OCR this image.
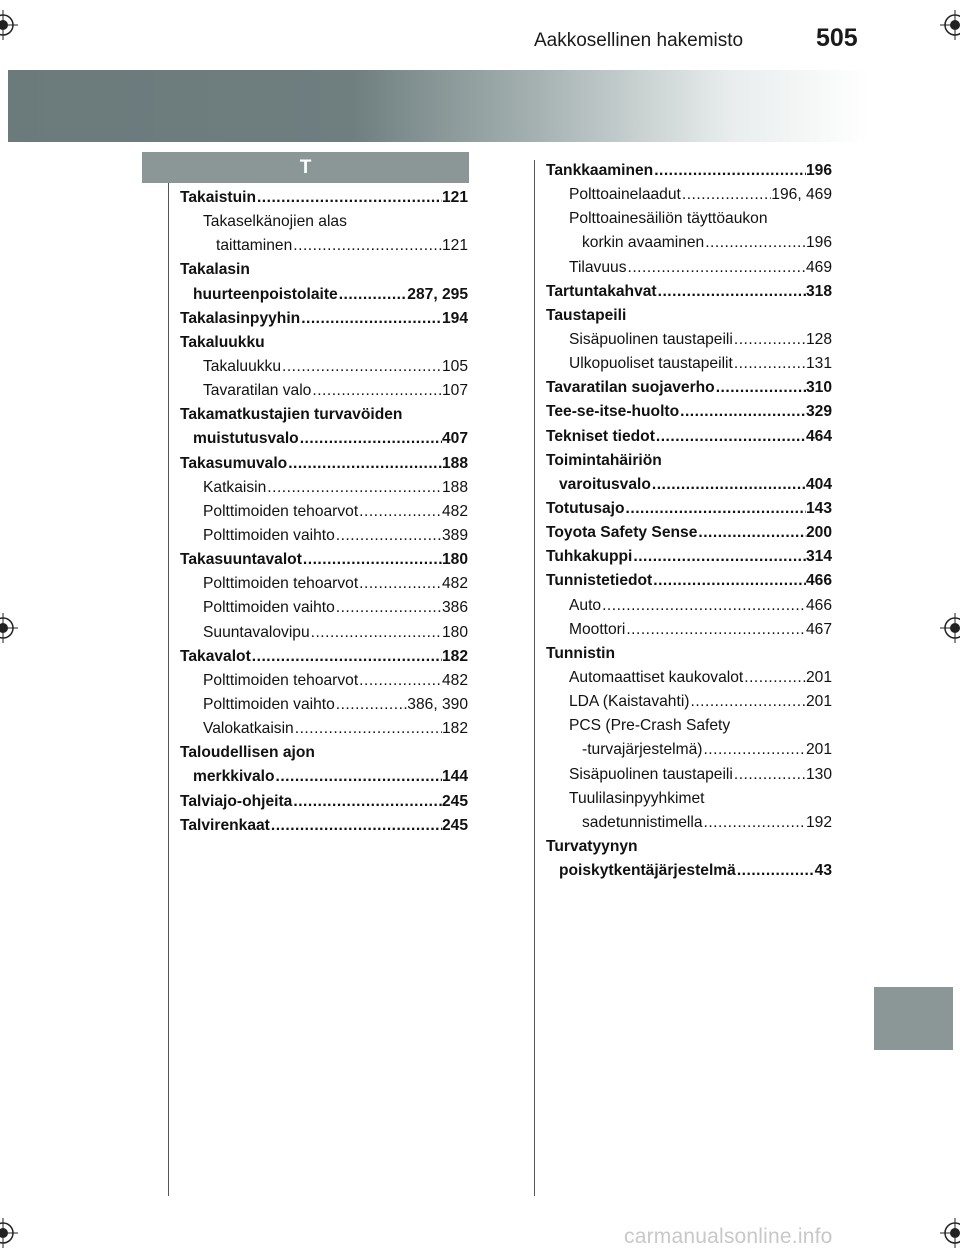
Aakkosellinen hakemisto	505
T
Takaistuin .....	121
Takaselkänojien alas
taittaminen .....	121
Takalasin
huurteenpoistolaite .....	287, 295
Takalasinpyyhin .....	194
Takaluukku
Takaluukku .....	105
Tavaratilan valo .....	107
Takamatkustajien turvavöiden
muistutusvalo .....	407
Takasumuvalo .....	188
Katkaisin .....	188
Polttimoiden tehoarvot .....	482
Polttimoiden vaihto .....	389
Takasuuntavalot .....	180
Polttimoiden tehoarvot .....	482
Polttimoiden vaihto .....	386
Suuntavalovipu .....	180
Takavalot .....	182
Polttimoiden tehoarvot .....	482
Polttimoiden vaihto .....	386, 390
Valokatkaisin .....	182
Taloudellisen ajon
merkkivalo .....	144
Talviajo-ohjeita .....	245
Talvirenkaat .....	245
Tankkaaminen .....	196
Polttoainelaadut .....	196, 469
Polttoainesäiliön täyttöaukon
korkin avaaminen .....	196
Tilavuus .....	469
Tartuntakahvat .....	318
Taustapeili
Sisäpuolinen taustapeili .....	128
Ulkopuoliset taustapeilit .....	131
Tavaratilan suojaverho .....	310
Tee-se-itse-huolto .....	329
Tekniset tiedot .....	464
Toimintahäiriön
varoitusvalo .....	404
Totutusajo .....	143
Toyota Safety Sense .....	200
Tuhkakuppi .....	314
Tunnistetiedot .....	466
Auto .....	466
Moottori .....	467
Tunnistin
Automaattiset kaukovalot .....	201
LDA (Kaistavahti) .....	201
PCS (Pre-Crash Safety
-turvajärjestelmä) .....	201
Sisäpuolinen taustapeili .....	130
Tuulilasinpyyhkimet
sadetunnistimella .....	192
Turvatyynyn
poiskytkentäjärjestelmä .....	43
carmanualsonline.info
